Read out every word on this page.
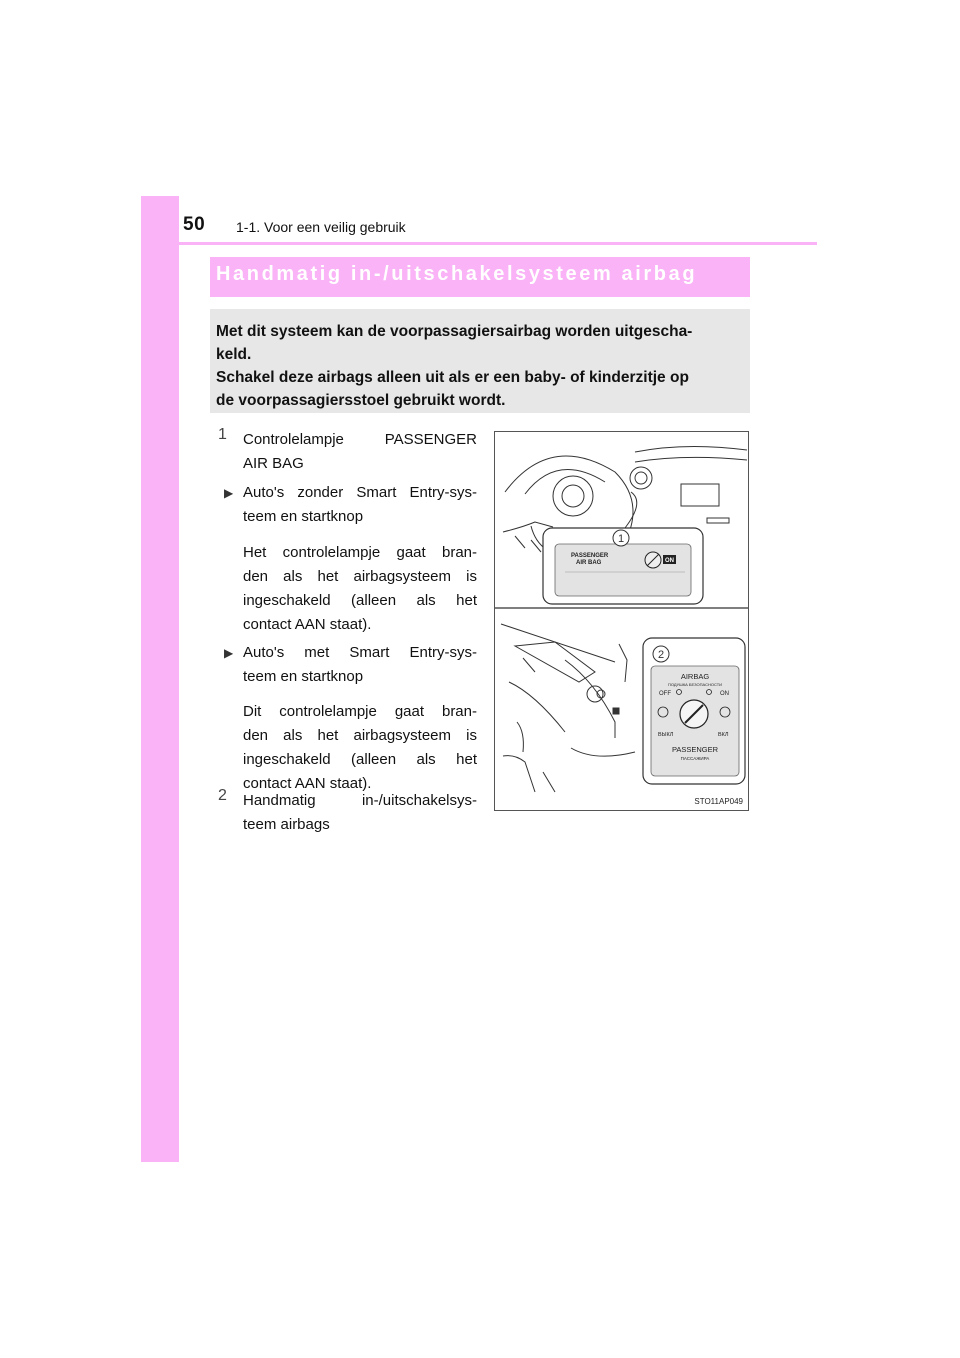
50 1-1. Voor een veilig gebruik
Handmatig in-/uitschakelsysteem airbag

Met dit systeem kan de voorpassagiersairbag worden uitgescha-
keld.
Schakel deze airbags alleen uit als er een baby- of kinderzitje op
de voorpassagiersstoel gebruikt wordt.

1 Controlelampje PASSENGER

AIR BAG

▶ Auto's zonder Smart Entry-sys-

teem en startknop

Het controlelampje gaat bran-

den als het airbagsysteem is

ingeschakeld (alleen als het

contact AAN staat).

▶ Auto's met Smart Entry-sys-

teem en startknop

Dit controlelampje gaat bran-

den als het airbagsysteem is

ingeschakeld (alleen als het

contact AAN staat).

2 Handmatig in-/uitschakelsys-

teem airbags

1
PASSENGER
AIR BAG	ON
2
AIRBAG
ПОДУШКА БЕЗОПАСНОСТИ
OFF	ON
ВЫКЛ	ВКЛ
PASSENGER
ПАССАЖИРА
STO11AP049
